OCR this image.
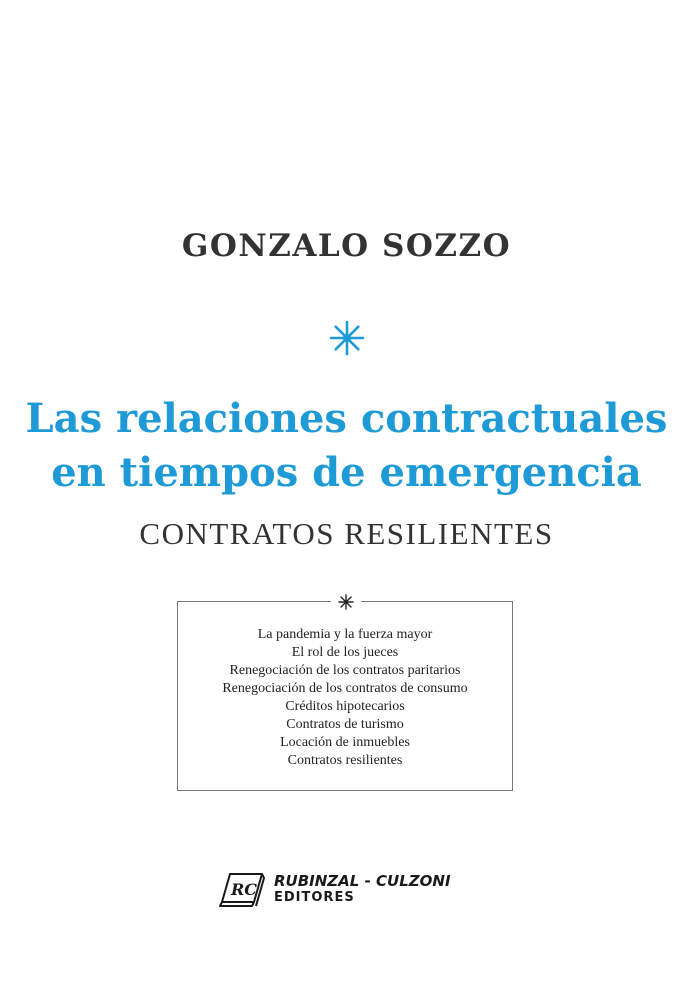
GONZALO SOZZO
Las relaciones contractuales
en tiempos de emergencia
CONTRATOS RESILIENTES
La pandemia y la fuerza mayor
El rol de los jueces
Renegociación de los contratos paritarios
Renegociación de los contratos de consumo
Créditos hipotecarios
Contratos de turismo
Locación de inmuebles
Contratos resilientes
RC RUBINZAL - CULZONI
EDITORES
